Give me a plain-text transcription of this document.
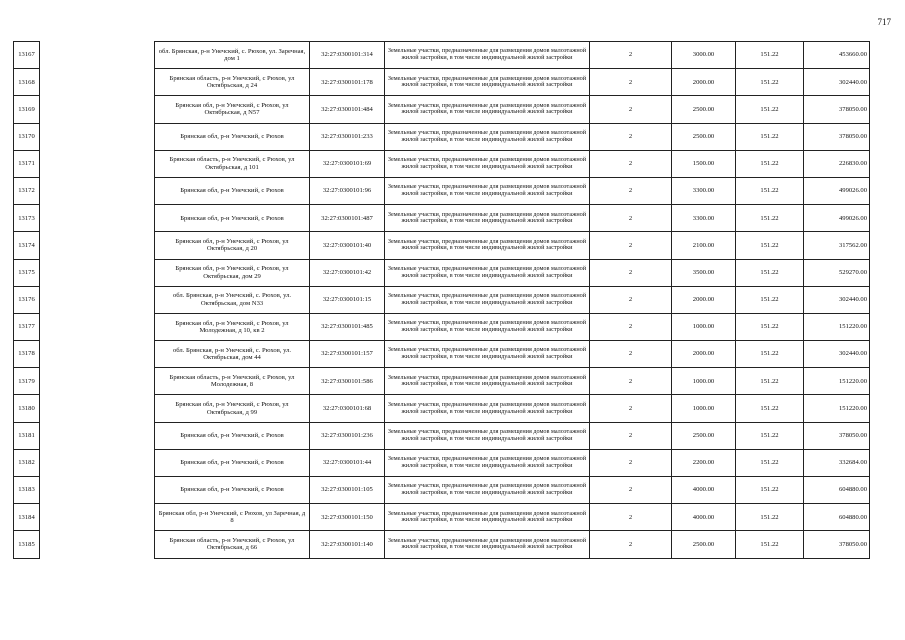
717
13167		обл. Брянская, р-н Унечский, с. Рюхов, ул. Заречная, дом 1	32:27:0300101:314	Земельные участки, предназначенные для размещения домов малоэтажной жилой застройки, в том числе индивидуальной жилой застройки	2	3000.00	151.22	453660.00
13168		Брянская область, р-н Унечский, с Рюхов, ул Октябрьская, д 24	32:27:0300101:178	Земельные участки, предназначенные для размещения домов малоэтажной жилой застройки, в том числе индивидуальной жилой застройки	2	2000.00	151.22	302440.00
13169		Брянская обл, р-н Унечский, с Рюхов, ул Октябрьская, д N57	32:27:0300101:484	Земельные участки, предназначенные для размещения домов малоэтажной жилой застройки, в том числе индивидуальной жилой застройки	2	2500.00	151.22	378050.00
13170		Брянская обл, р-н Унечский, с Рюхов	32:27:0300101:233	Земельные участки, предназначенные для размещения домов малоэтажной жилой застройки, в том числе индивидуальной жилой застройки	2	2500.00	151.22	378050.00
13171		Брянская область, р-н Унечский, с Рюхов, ул Октябрьская, д 101	32:27:0300101:69	Земельные участки, предназначенные для размещения домов малоэтажной жилой застройки, в том числе индивидуальной жилой застройки	2	1500.00	151.22	226830.00
13172		Брянская обл, р-н Унечский, с Рюхов	32:27:0300101:96	Земельные участки, предназначенные для размещения домов малоэтажной жилой застройки, в том числе индивидуальной жилой застройки	2	3300.00	151.22	499026.00
13173		Брянская обл, р-н Унечский, с Рюхов	32:27:0300101:487	Земельные участки, предназначенные для размещения домов малоэтажной жилой застройки, в том числе индивидуальной жилой застройки	2	3300.00	151.22	499026.00
13174		Брянская обл, р-н Унечский, с Рюхов, ул Октябрьская, д 20	32:27:0300101:40	Земельные участки, предназначенные для размещения домов малоэтажной жилой застройки, в том числе индивидуальной жилой застройки	2	2100.00	151.22	317562.00
13175		Брянская обл, р-н Унечский, с Рюхов, ул Октябрьская, дом 29	32:27:0300101:42	Земельные участки, предназначенные для размещения домов малоэтажной жилой застройки, в том числе индивидуальной жилой застройки	2	3500.00	151.22	529270.00
13176		обл. Брянская, р-н Унечский, с. Рюхов, ул. Октябрьская, дом N33	32:27:0300101:15	Земельные участки, предназначенные для размещения домов малоэтажной жилой застройки, в том числе индивидуальной жилой застройки	2	2000.00	151.22	302440.00
13177		Брянская обл, р-н Унечский, с Рюхов, ул Молодежная, д 10, кв 2	32:27:0300101:485	Земельные участки, предназначенные для размещения домов малоэтажной жилой застройки, в том числе индивидуальной жилой застройки	2	1000.00	151.22	151220.00
13178		обл. Брянская, р-н Унечский, с. Рюхов, ул. Октябрьская, дом 44	32:27:0300101:157	Земельные участки, предназначенные для размещения домов малоэтажной жилой застройки, в том числе индивидуальной жилой застройки	2	2000.00	151.22	302440.00
13179		Брянская область, р-н Унечский, с Рюхов, ул Молодежная, 8	32:27:0300101:586	Земельные участки, предназначенные для размещения домов малоэтажной жилой застройки, в том числе индивидуальной жилой застройки	2	1000.00	151.22	151220.00
13180		Брянская обл, р-н Унечский, с Рюхов, ул Октябрьская, д 99	32:27:0300101:68	Земельные участки, предназначенные для размещения домов малоэтажной жилой застройки, в том числе индивидуальной жилой застройки	2	1000.00	151.22	151220.00
13181		Брянская обл, р-н Унечский, с Рюхов	32:27:0300101:236	Земельные участки, предназначенные для размещения домов малоэтажной жилой застройки, в том числе индивидуальной жилой застройки	2	2500.00	151.22	378050.00
13182		Брянская обл, р-н Унечский, с Рюхов	32:27:0300101:44	Земельные участки, предназначенные для размещения домов малоэтажной жилой застройки, в том числе индивидуальной жилой застройки	2	2200.00	151.22	332684.00
13183		Брянская обл, р-н Унечский, с Рюхов	32:27:0300101:105	Земельные участки, предназначенные для размещения домов малоэтажной жилой застройки, в том числе индивидуальной жилой застройки	2	4000.00	151.22	604880.00
13184		Брянская обл, р-н Унечский, с Рюхов, ул Заречная, д 8	32:27:0300101:150	Земельные участки, предназначенные для размещения домов малоэтажной жилой застройки, в том числе индивидуальной жилой застройки	2	4000.00	151.22	604880.00
13185		Брянская область, р-н Унечский, с Рюхов, ул Октябрьская, д 66	32:27:0300101:140	Земельные участки, предназначенные для размещения домов малоэтажной жилой застройки, в том числе индивидуальной жилой застройки	2	2500.00	151.22	378050.00
